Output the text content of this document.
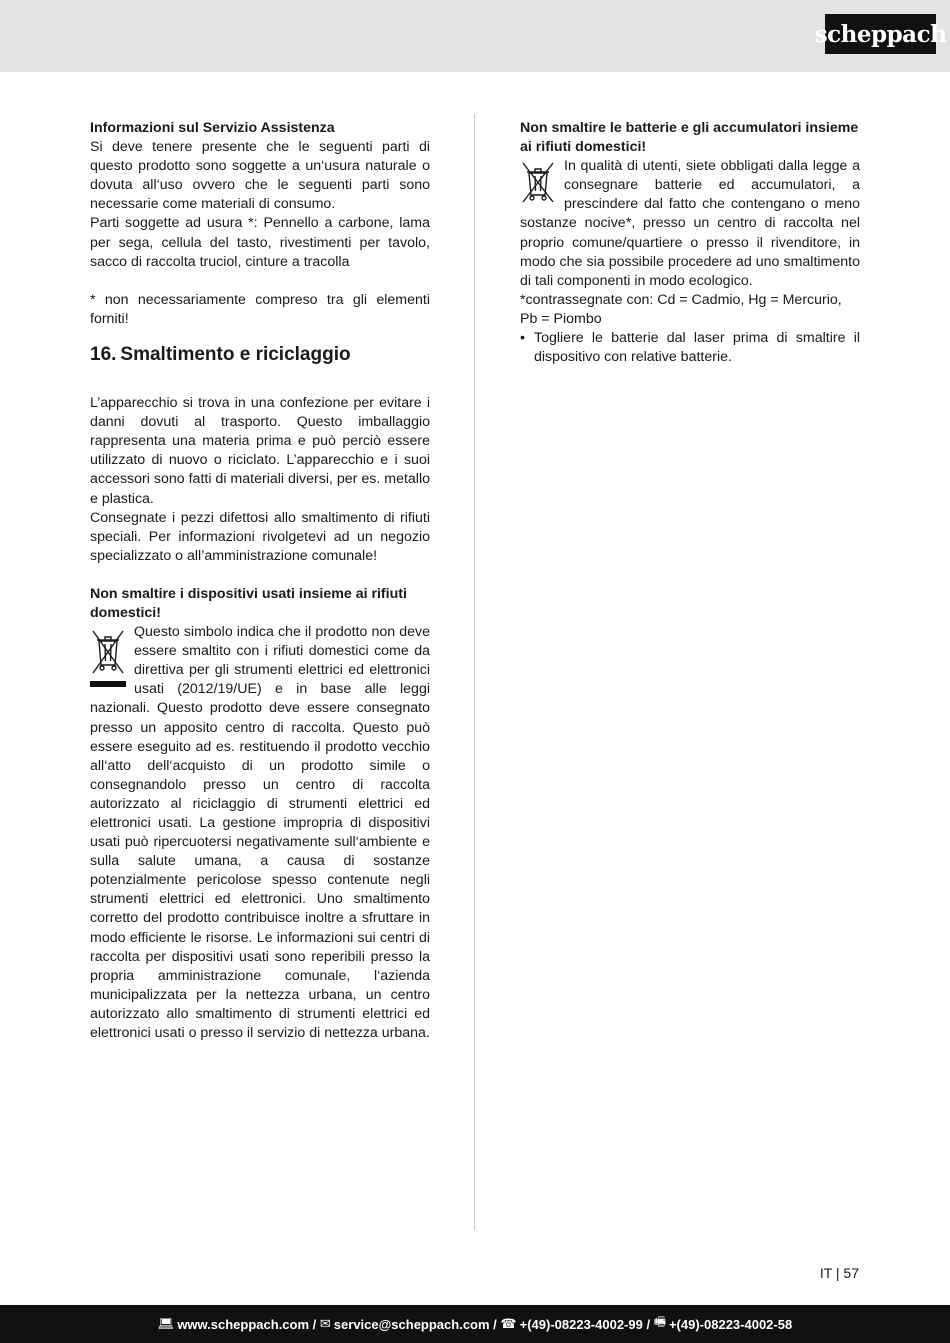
scheppach

Informazioni sul Servizio Assistenza

Si deve tenere presente che le seguenti parti di questo prodotto sono soggette a un‘usura naturale o dovuta all‘uso ovvero che le seguenti parti sono necessarie come materiali di consumo.

Parti soggette ad usura *: Pennello a carbone, lama per sega, cellula del tasto, rivestimenti per tavolo, sacco di raccolta truciol, cinture a tracolla

* non necessariamente compreso tra gli elementi forniti!

16. Smaltimento e riciclaggio

L’apparecchio si trova in una confezione per evitare i danni dovuti al trasporto. Questo imballaggio rappresenta una materia prima e può perciò essere utilizzato di nuovo o riciclato. L’apparecchio e i suoi accessori sono fatti di materiali diversi, per es. metallo e plastica.

Consegnate i pezzi difettosi allo smaltimento di rifiuti speciali. Per informazioni rivolgetevi ad un negozio specializzato o all’amministrazione comunale!

Non smaltire i dispositivi usati insieme ai rifiuti domestici!

Questo simbolo indica che il prodotto non deve essere smaltito con i rifiuti domestici come da direttiva per gli strumenti elettrici ed elettronici usati (2012/19/UE) e in base alle leggi nazionali. Questo prodotto deve essere consegnato presso un apposito centro di raccolta. Questo può essere eseguito ad es. restituendo il prodotto vecchio all‘atto dell‘acquisto di un prodotto simile o consegnandolo presso un centro di raccolta autorizzato al riciclaggio di strumenti elettrici ed elettronici usati. La gestione impropria di dispositivi usati può ripercuotersi negativamente sull‘ambiente e sulla salute umana, a causa di sostanze potenzialmente pericolose spesso contenute negli strumenti elettrici ed elettronici. Uno smaltimento corretto del prodotto contribuisce inoltre a sfruttare in modo efficiente le risorse. Le informazioni sui centri di raccolta per dispositivi usati sono reperibili presso la propria amministrazione comunale, l‘azienda municipalizzata per la nettezza urbana, un centro autorizzato allo smaltimento di strumenti elettrici ed elettronici usati o presso il servizio di nettezza urbana.

Non smaltire le batterie e gli accumulatori insieme ai rifiuti domestici!

In qualità di utenti, siete obbligati dalla legge a consegnare batterie ed accumulatori, a prescindere dal fatto che contengano o meno sostanze nocive*, presso un centro di raccolta nel proprio comune/quartiere o presso il rivenditore, in modo che sia possibile procedere ad uno smaltimento di tali componenti in modo ecologico.

*contrassegnate con: Cd = Cadmio, Hg = Mercurio, Pb = Piombo

• Togliere le batterie dal laser prima di smaltire il dispositivo con relative batterie.
IT | 57
💻︎ www.scheppach.com /
✉ service@scheppach.com /
☎ +(49)-08223-4002-99 /
🖷︎ +(49)-08223-4002-58
